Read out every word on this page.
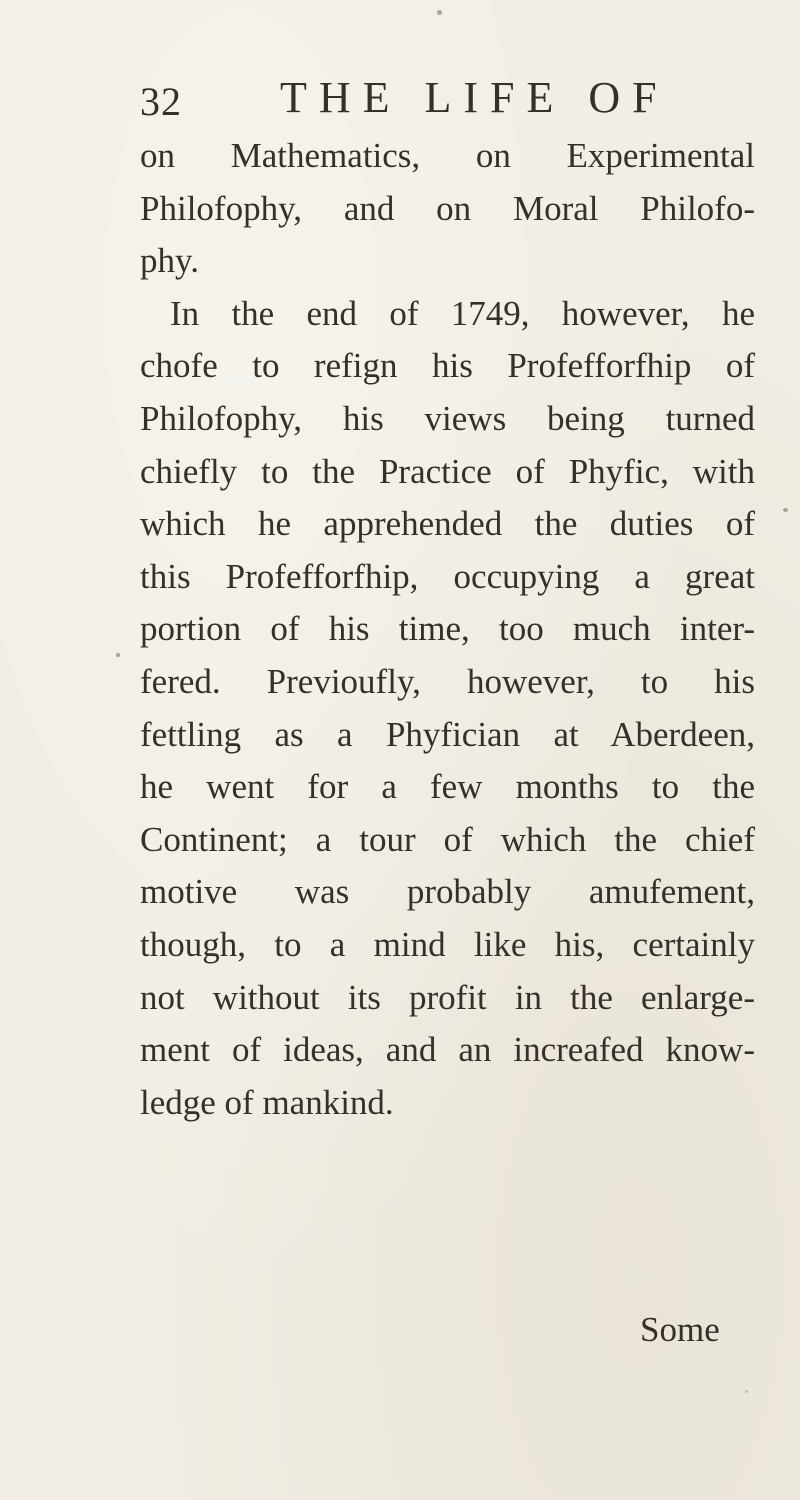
32 THE LIFE OF
on Mathematics, on Experimental
Philofophy, and on Moral Philofo-
phy.
In the end of 1749, however, he
chofe to refign his Profefforfhip of
Philofophy, his views being turned
chiefly to the Practice of Phyfic, with
which he apprehended the duties of
this Profefforfhip, occupying a great
portion of his time, too much inter-
fered. Previoufly, however, to his
fettling as a Phyfician at Aberdeen,
he went for a few months to the
Continent; a tour of which the chief
motive was probably amufement,
though, to a mind like his, certainly
not without its profit in the enlarge-
ment of ideas, and an increafed know-
ledge of mankind.
Some
